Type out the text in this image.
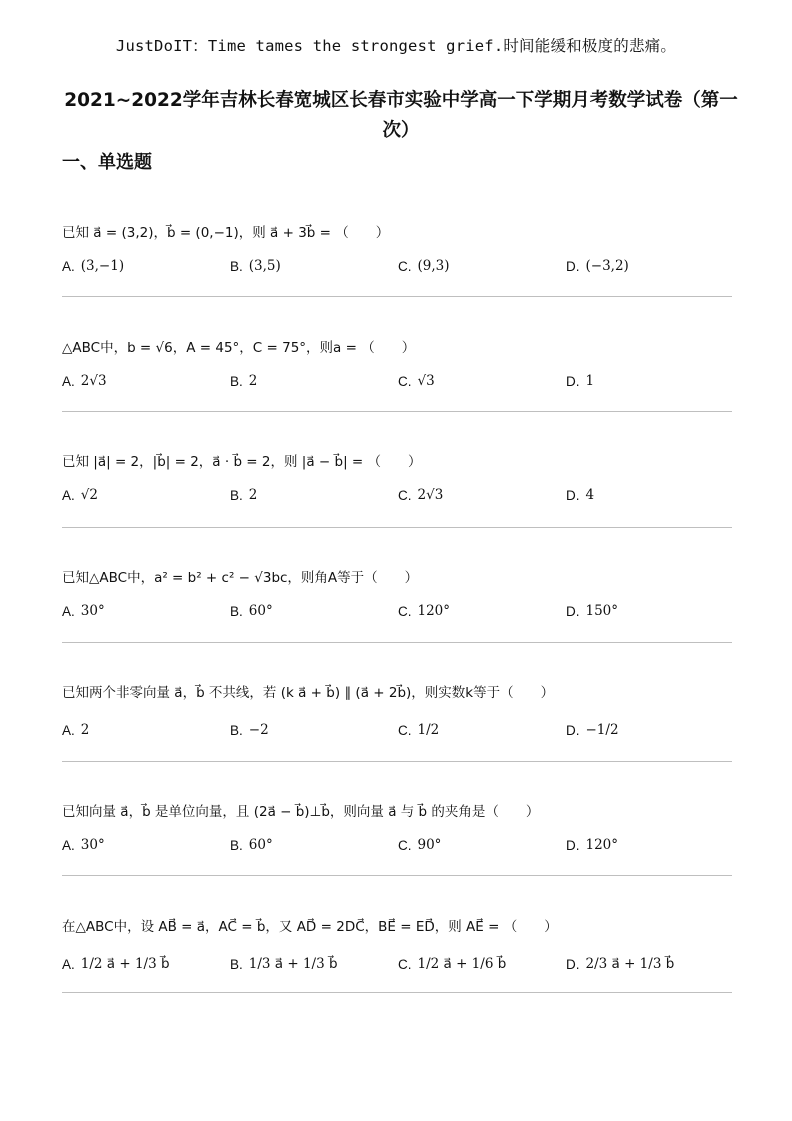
JustDoIT：Time tames the strongest grief.时间能缓和极度的悲痛。
2021~2022学年吉林长春宽城区长春市实验中学高一下学期月考数学试卷（第一次）
一、单选题
已知 a⃗ = (3,2)，b⃗ = (0,−1)，则 a⃗ + 3b⃗ = （　　）
A. (3,−1)	B. (3,5)	C. (9,3)	D. (−3,2)
△ABC中，b = √6，A = 45°，C = 75°，则a = （　　）
A. 2√3	B. 2	C. √3	D. 1
已知 |a⃗| = 2，|b⃗| = 2，a⃗ · b⃗ = 2，则 |a⃗ − b⃗| = （　　）
A. √2	B. 2	C. 2√3	D. 4
已知△ABC中，a² = b² + c² − √3bc，则角A等于（　　）
A. 30°	B. 60°	C. 120°	D. 150°
已知两个非零向量 a⃗，b⃗ 不共线，若 (k a⃗ + b⃗) ∥ (a⃗ + 2b⃗)，则实数k等于（　　）
A. 2	B. −2	C. 1/2	D. −1/2
已知向量 a⃗，b⃗ 是单位向量，且 (2a⃗ − b⃗)⊥b⃗，则向量 a⃗ 与 b⃗ 的夹角是（　　）
A. 30°	B. 60°	C. 90°	D. 120°
在△ABC中，设 AB⃗ = a⃗，AC⃗ = b⃗，又 AD⃗ = 2DC⃗，BE⃗ = ED⃗，则 AE⃗ = （　　）
A. 1/2 a⃗ + 1/3 b⃗	B. 1/3 a⃗ + 1/3 b⃗	C. 1/2 a⃗ + 1/6 b⃗	D. 2/3 a⃗ + 1/3 b⃗
